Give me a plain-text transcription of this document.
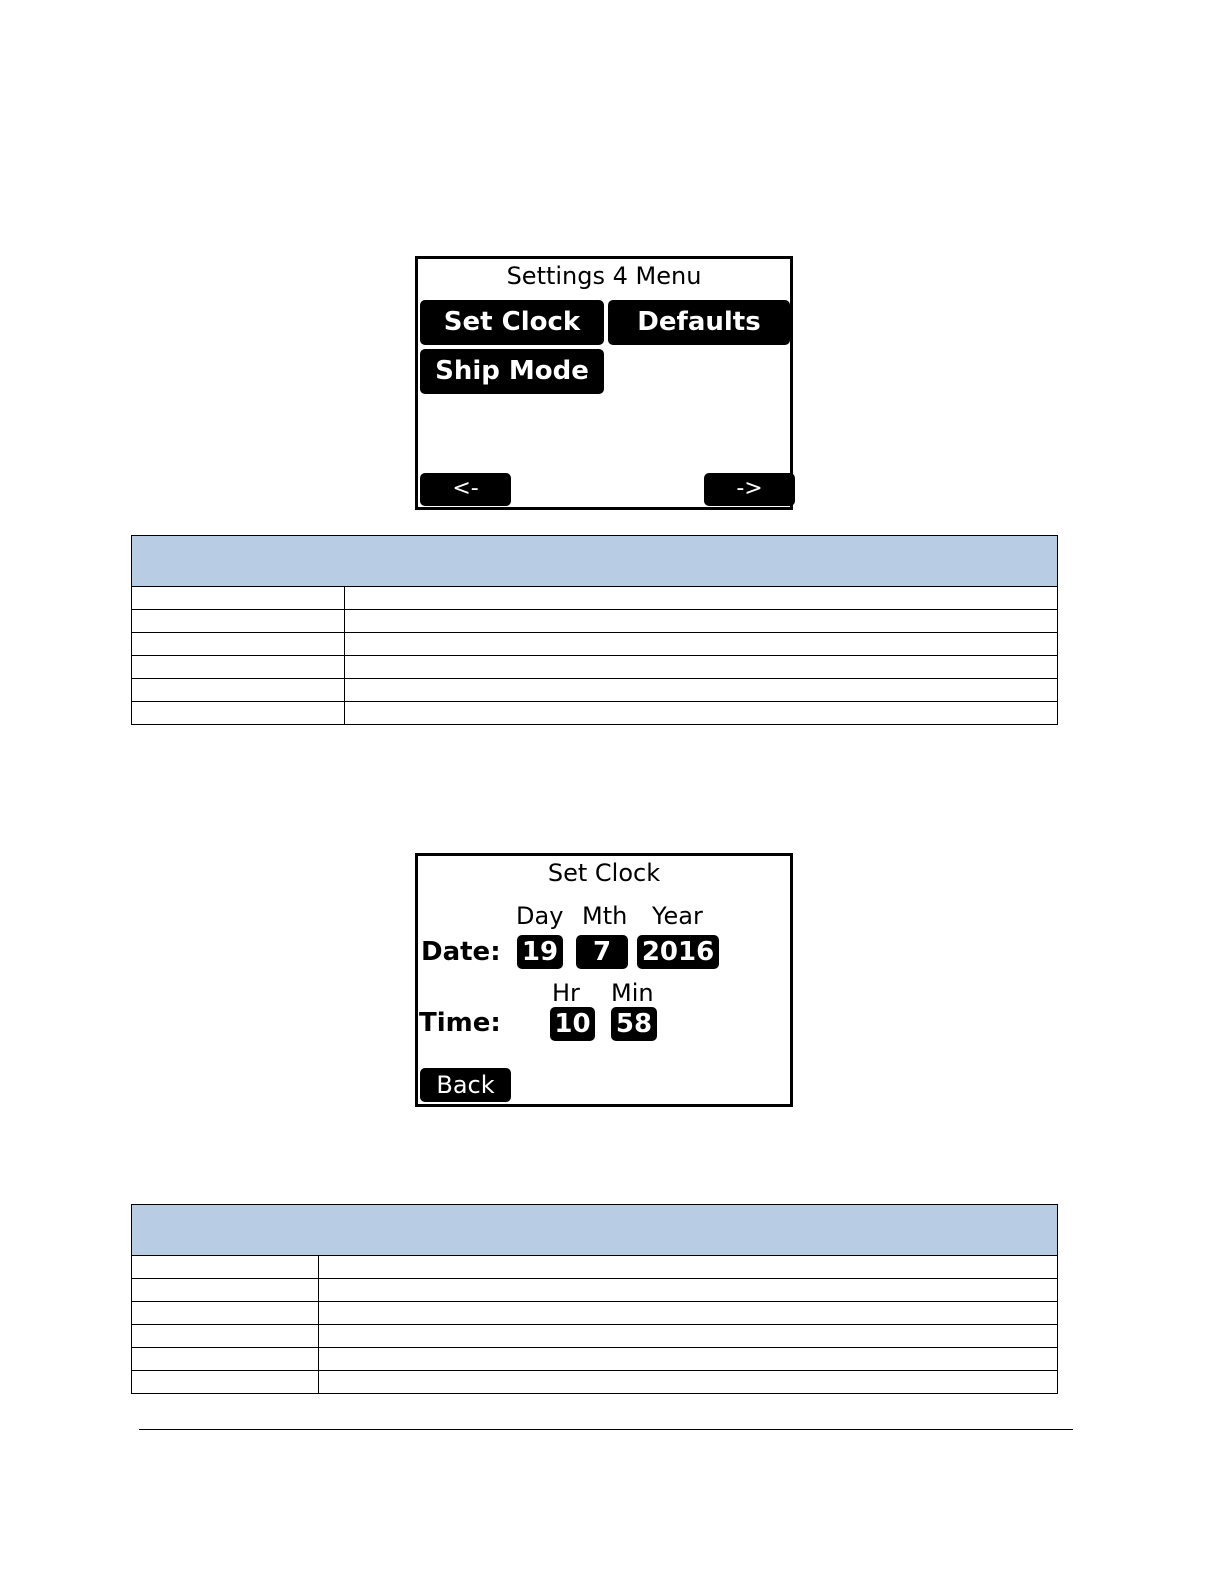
Settings 4 Menu
Set Clock	Defaults
Ship Mode
<-	->

Set Clock
Day Mth Year
Date: 19	7	2016
Hr Min
Time: 10 58
Back
